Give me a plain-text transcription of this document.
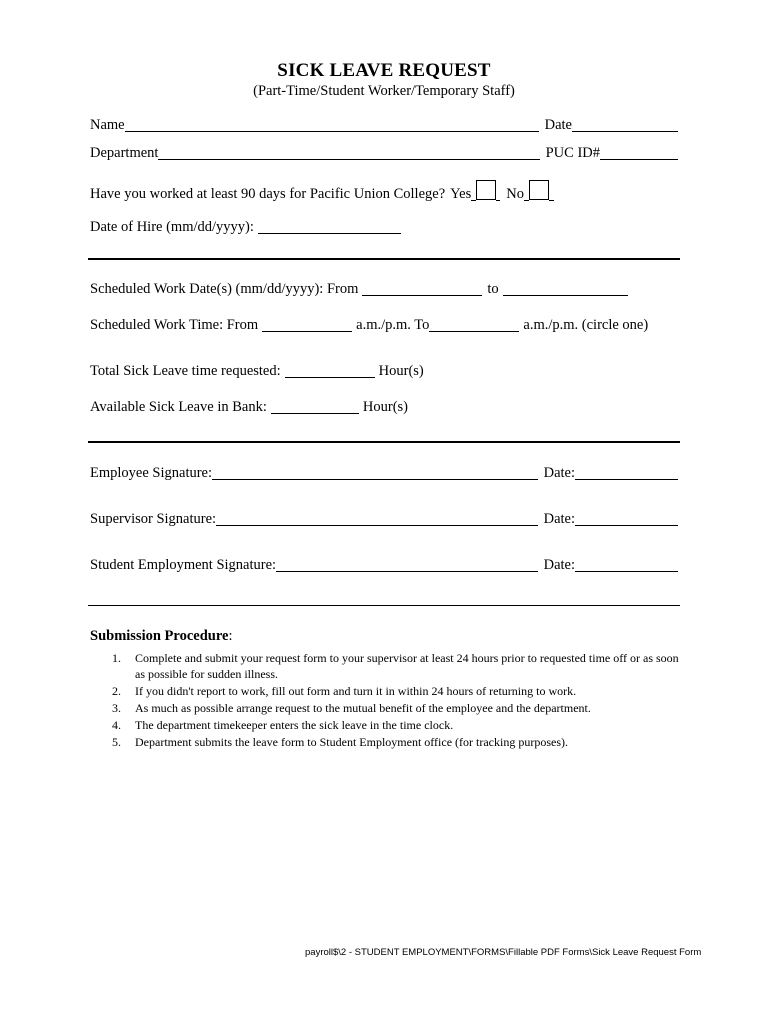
SICK LEAVE REQUEST
(Part-Time/Student Worker/Temporary Staff)
Name	Date
Department	PUC ID#
Have you worked at least 90 days for Pacific Union College? Yes No
Date of Hire (mm/dd/yyyy):
Scheduled Work Date(s) (mm/dd/yyyy): From	to
Scheduled Work Time: From	a.m./p.m. To	a.m./p.m. (circle one)
Total Sick Leave time requested:	Hour(s)
Available Sick Leave in Bank:	Hour(s)
Employee Signature:	Date:
Supervisor Signature:	Date:
Student Employment Signature:	Date:
Submission Procedure:
1.	Complete and submit your request form to your supervisor at least 24 hours prior to requested time off or as soon as possible for sudden illness.
2.	If you didn't report to work, fill out form and turn it in within 24 hours of returning to work.
3.	As much as possible arrange request to the mutual benefit of the employee and the department.
4.	The department timekeeper enters the sick leave in the time clock.
5.	Department submits the leave form to Student Employment office (for tracking purposes).
payroll$\2 - STUDENT EMPLOYMENT\FORMS\Fillable PDF Forms\Sick Leave Request Form
